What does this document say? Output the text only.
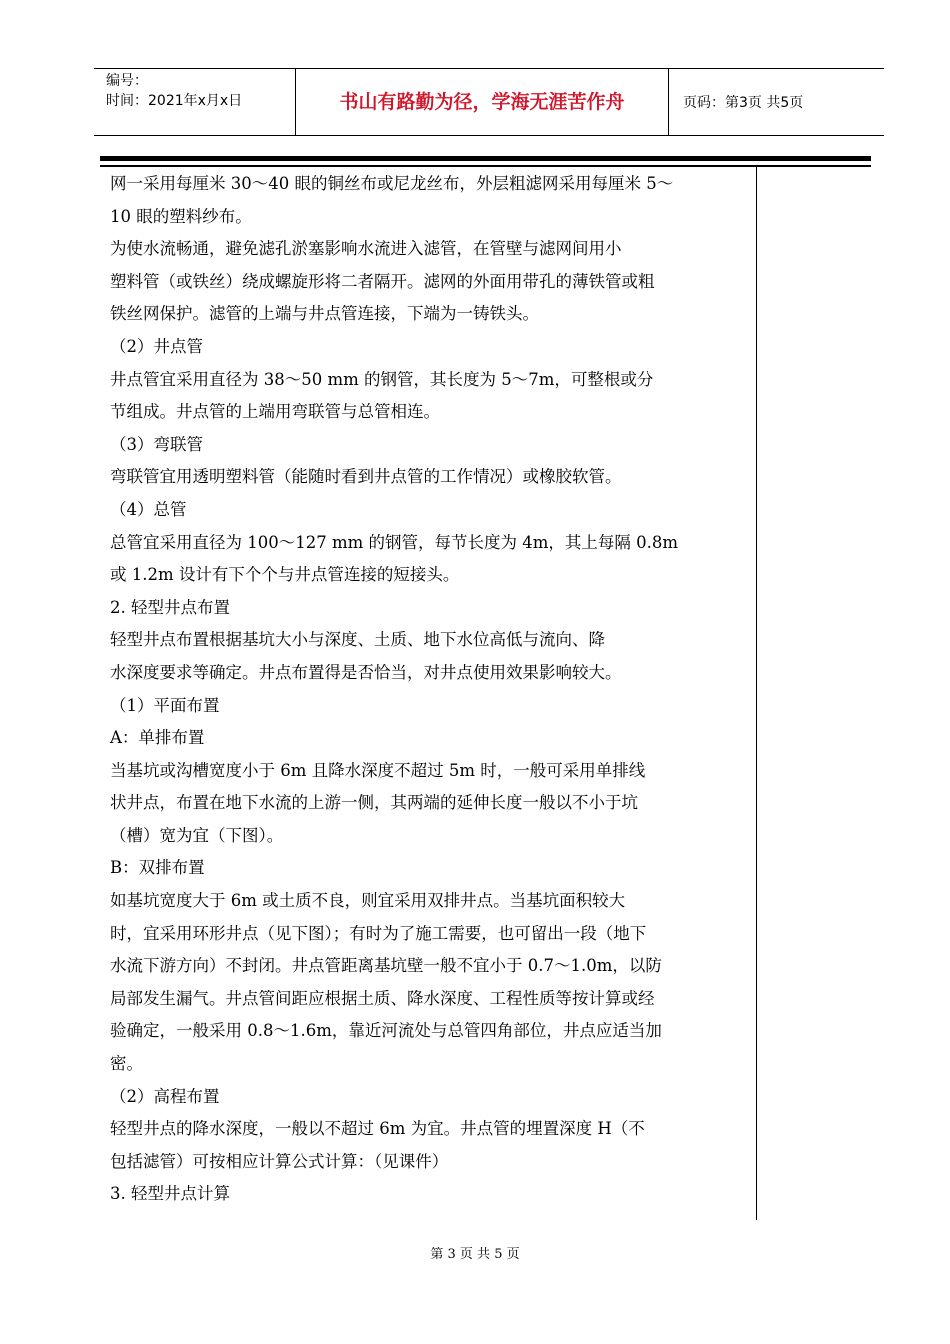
编号：
时间：2021年x月x日	书山有路勤为径，学海无涯苦作舟	页码：第3页 共5页

网一采用每厘米 30～40 眼的铜丝布或尼龙丝布，外层粗滤网采用每厘米 5～

10 眼的塑料纱布。

为使水流畅通，避免滤孔淤塞影响水流进入滤管，在管壁与滤网间用小

塑料管（或铁丝）绕成螺旋形将二者隔开。滤网的外面用带孔的薄铁管或粗

铁丝网保护。滤管的上端与井点管连接，下端为一铸铁头。

（2）井点管

井点管宜采用直径为 38～50 mm 的钢管，其长度为 5～7m，可整根或分

节组成。井点管的上端用弯联管与总管相连。

（3）弯联管

弯联管宜用透明塑料管（能随时看到井点管的工作情况）或橡胶软管。

（4）总管

总管宜采用直径为 100～127 mm 的钢管，每节长度为 4m，其上每隔 0.8m

或 1.2m 设计有下个个与井点管连接的短接头。

2. 轻型井点布置

轻型井点布置根据基坑大小与深度、土质、地下水位高低与流向、降

水深度要求等确定。井点布置得是否恰当，对井点使用效果影响较大。

（1）平面布置

A：单排布置

当基坑或沟槽宽度小于 6m 且降水深度不超过 5m 时，一般可采用单排线

状井点，布置在地下水流的上游一侧，其两端的延伸长度一般以不小于坑

（槽）宽为宜（下图）。

B：双排布置

如基坑宽度大于 6m 或土质不良，则宜采用双排井点。当基坑面积较大

时，宜采用环形井点（见下图）；有时为了施工需要，也可留出一段（地下

水流下游方向）不封闭。井点管距离基坑壁一般不宜小于 0.7～1.0m，以防

局部发生漏气。井点管间距应根据土质、降水深度、工程性质等按计算或经

验确定，一般采用 0.8～1.6m，靠近河流处与总管四角部位，井点应适当加

密。

（2）高程布置

轻型井点的降水深度，一般以不超过 6m 为宜。井点管的埋置深度 H（不

包括滤管）可按相应计算公式计算：（见课件）

3. 轻型井点计算

第 3 页 共 5 页
